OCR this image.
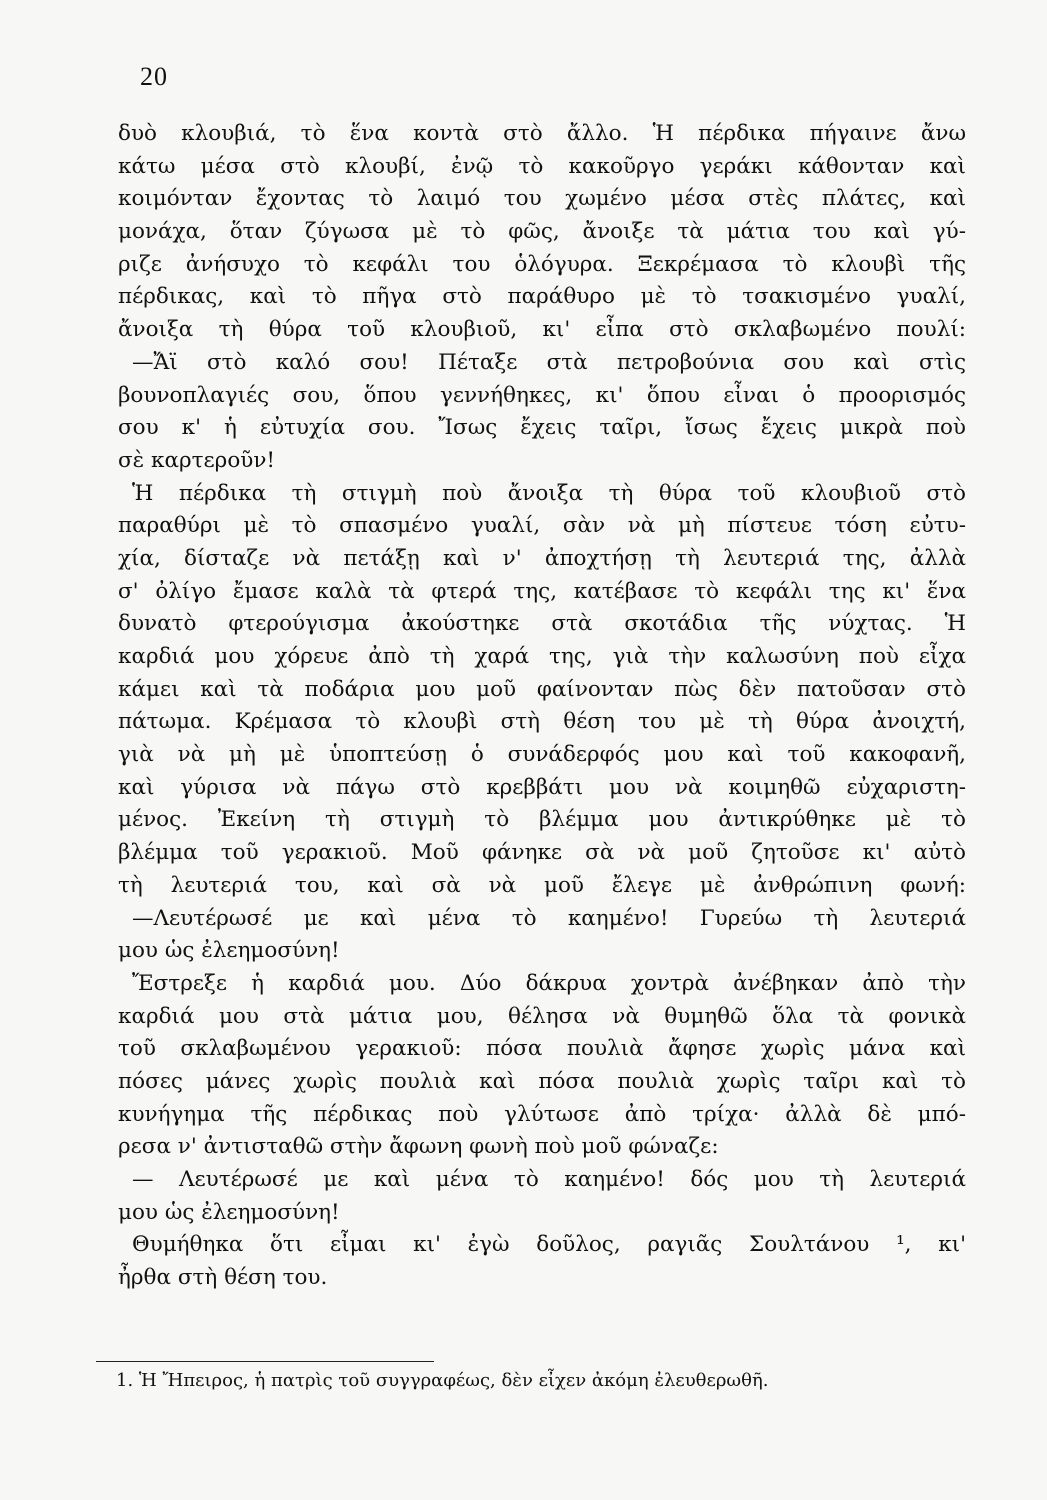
20
δυὸ κλουβιά, τὸ ἕνα κοντὰ στὸ ἄλλο. Ἡ πέρδικα πήγαινε ἄνω
κάτω μέσα στὸ κλουβί, ἐνῷ τὸ κακοῦργο γεράκι κάθονταν καὶ
κοιμόνταν ἔχοντας τὸ λαιμό του χωμένο μέσα στὲς πλάτες, καὶ
μονάχα, ὅταν ζύγωσα μὲ τὸ φῶς, ἄνοιξε τὰ μάτια του καὶ γύ-
ριζε ἀνήσυχο τὸ κεφάλι του ὁλόγυρα. Ξεκρέμασα τὸ κλουβὶ τῆς
πέρδικας, καὶ τὸ πῆγα στὸ παράθυρο μὲ τὸ τσακισμένο γυαλί,
ἄνοιξα τὴ θύρα τοῦ κλουβιοῦ, κι' εἶπα στὸ σκλαβωμένο πουλί:
—Ἄϊ στὸ καλό σου! Πέταξε στὰ πετροβούνια σου καὶ στὶς
βουνοπλαγιές σου, ὅπου γεννήθηκες, κι' ὅπου εἶναι ὁ προορισμός
σου κ' ἡ εὐτυχία σου. Ἴσως ἔχεις ταῖρι, ἴσως ἔχεις μικρὰ ποὺ
σὲ καρτεροῦν!
Ἡ πέρδικα τὴ στιγμὴ ποὺ ἄνοιξα τὴ θύρα τοῦ κλουβιοῦ στὸ
παραθύρι μὲ τὸ σπασμένο γυαλί, σὰν νὰ μὴ πίστευε τόση εὐτυ-
χία, δίσταζε νὰ πετάξῃ καὶ ν' ἀποχτήσῃ τὴ λευτεριά της, ἀλλὰ
σ' ὀλίγο ἔμασε καλὰ τὰ φτερά της, κατέβασε τὸ κεφάλι της κι' ἕνα
δυνατὸ φτερούγισμα ἀκούστηκε στὰ σκοτάδια τῆς νύχτας. Ἡ
καρδιά μου χόρευε ἀπὸ τὴ χαρά της, γιὰ τὴν καλωσύνη ποὺ εἶχα
κάμει καὶ τὰ ποδάρια μου μοῦ φαίνονταν πὼς δὲν πατοῦσαν στὸ
πάτωμα. Κρέμασα τὸ κλουβὶ στὴ θέση του μὲ τὴ θύρα ἀνοιχτή,
γιὰ νὰ μὴ μὲ ὑποπτεύσῃ ὁ συνάδερφός μου καὶ τοῦ κακοφανῆ,
καὶ γύρισα νὰ πάγω στὸ κρεββάτι μου νὰ κοιμηθῶ εὐχαριστη-
μένος. Ἐκείνη τὴ στιγμὴ τὸ βλέμμα μου ἀντικρύθηκε μὲ τὸ
βλέμμα τοῦ γερακιοῦ. Μοῦ φάνηκε σὰ νὰ μοῦ ζητοῦσε κι' αὐτὸ
τὴ λευτεριά του, καὶ σὰ νὰ μοῦ ἔλεγε μὲ ἀνθρώπινη φωνή:
—Λευτέρωσέ με καὶ μένα τὸ καημένο! Γυρεύω τὴ λευτεριά
μου ὡς ἐλεημοσύνη!
Ἔστρεξε ἡ καρδιά μου. Δύο δάκρυα χοντρὰ ἀνέβηκαν ἀπὸ τὴν
καρδιά μου στὰ μάτια μου, θέλησα νὰ θυμηθῶ ὅλα τὰ φονικὰ
τοῦ σκλαβωμένου γερακιοῦ: πόσα πουλιὰ ἄφησε χωρὶς μάνα καὶ
πόσες μάνες χωρὶς πουλιὰ καὶ πόσα πουλιὰ χωρὶς ταῖρι καὶ τὸ
κυνήγημα τῆς πέρδικας ποὺ γλύτωσε ἀπὸ τρίχα· ἀλλὰ δὲ μπό-
ρεσα ν' ἀντισταθῶ στὴν ἄφωνη φωνὴ ποὺ μοῦ φώναζε:
— Λευτέρωσέ με καὶ μένα τὸ καημένο! δός μου τὴ λευτεριά
μου ὡς ἐλεημοσύνη!
Θυμήθηκα ὅτι εἶμαι κι' ἐγὼ δοῦλος, ραγιᾶς Σουλτάνου ¹, κι'
ἦρθα στὴ θέση του.
1. Ἡ Ἤπειρος, ἡ πατρὶς τοῦ συγγραφέως, δὲν εἶχεν ἀκόμη ἐλευθερωθῆ.
